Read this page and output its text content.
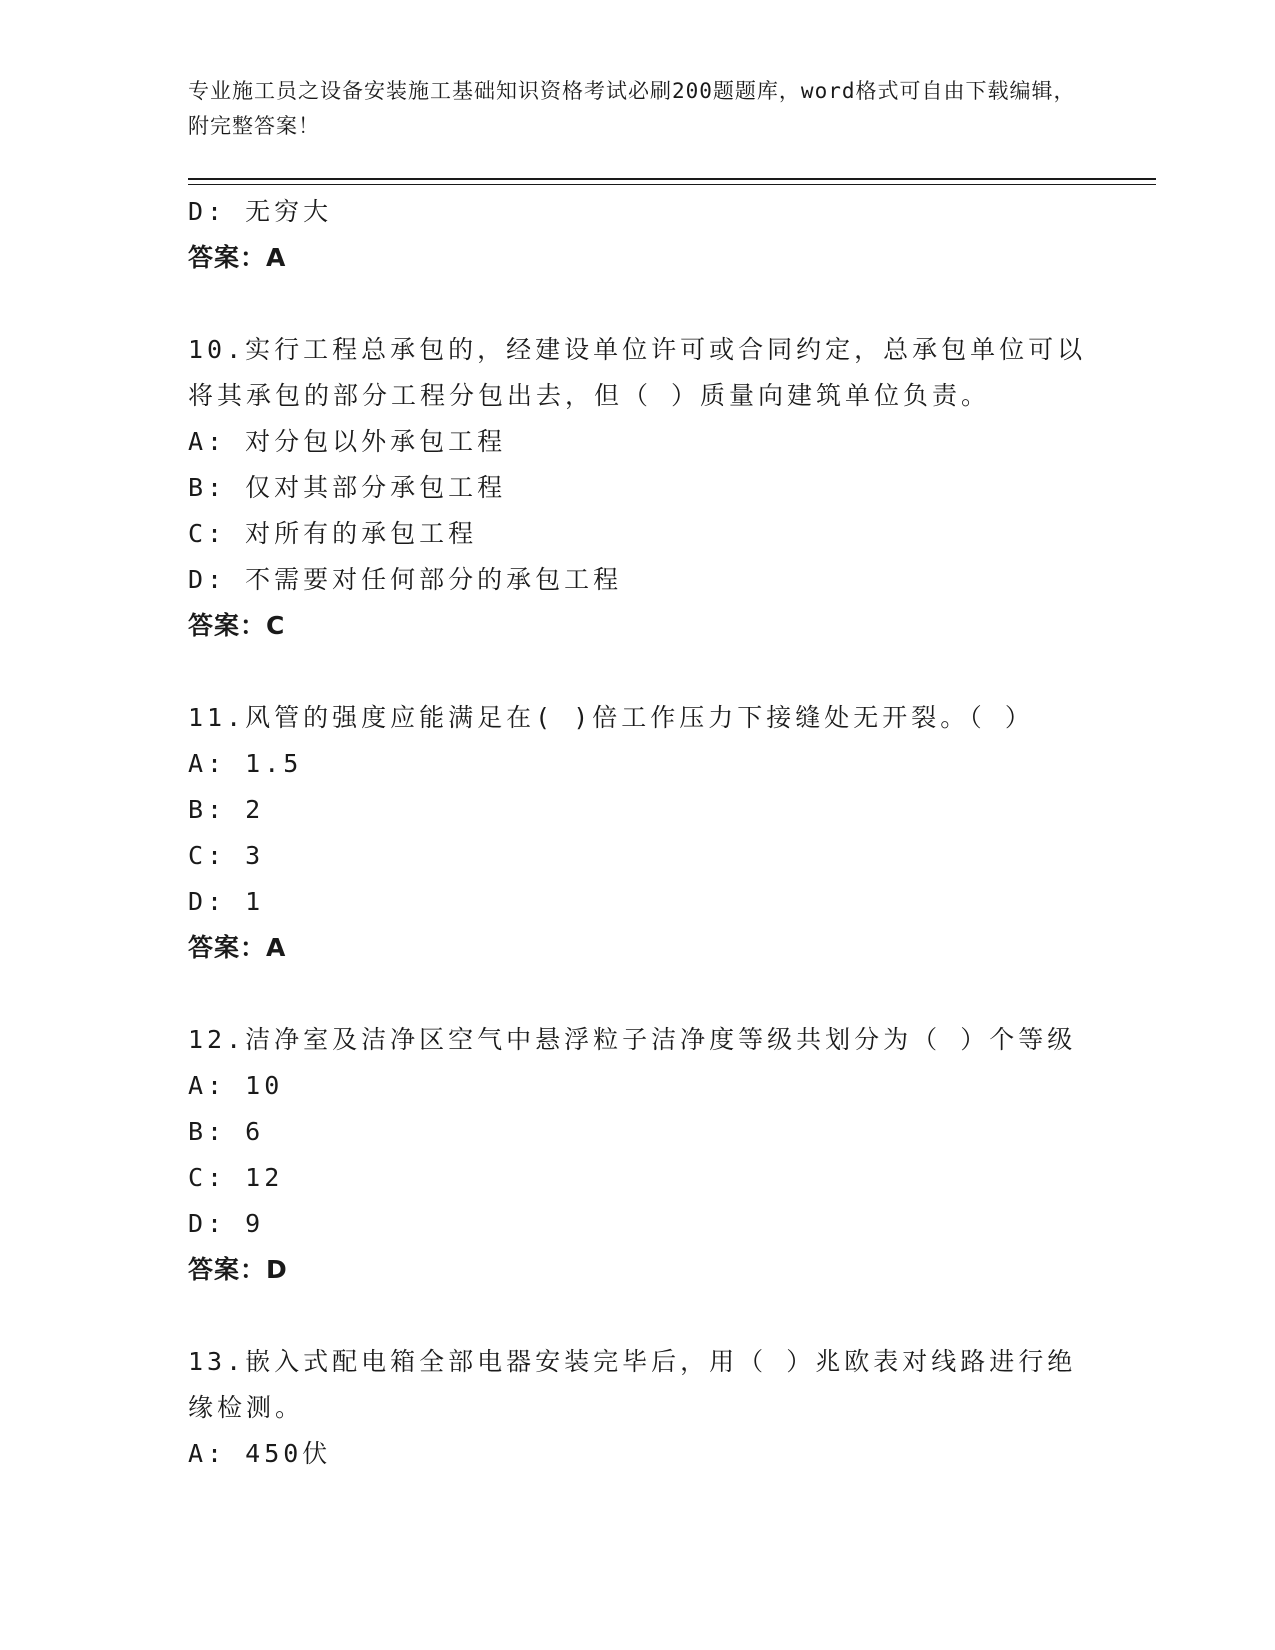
专业施工员之设备安装施工基础知识资格考试必刷200题题库，word格式可自由下载编辑，附完整答案！
D: 无穷大
答案：A
10.实行工程总承包的，经建设单位许可或合同约定，总承包单位可以将其承包的部分工程分包出去，但（ ）质量向建筑单位负责。
A: 对分包以外承包工程
B: 仅对其部分承包工程
C: 对所有的承包工程
D: 不需要对任何部分的承包工程
答案：C
11.风管的强度应能满足在( )倍工作压力下接缝处无开裂。（ ）
A: 1.5
B: 2
C: 3
D: 1
答案：A
12.洁净室及洁净区空气中悬浮粒子洁净度等级共划分为（ ）个等级
A: 10
B: 6
C: 12
D: 9
答案：D
13.嵌入式配电箱全部电器安装完毕后，用（ ）兆欧表对线路进行绝缘检测。
A: 450伏
